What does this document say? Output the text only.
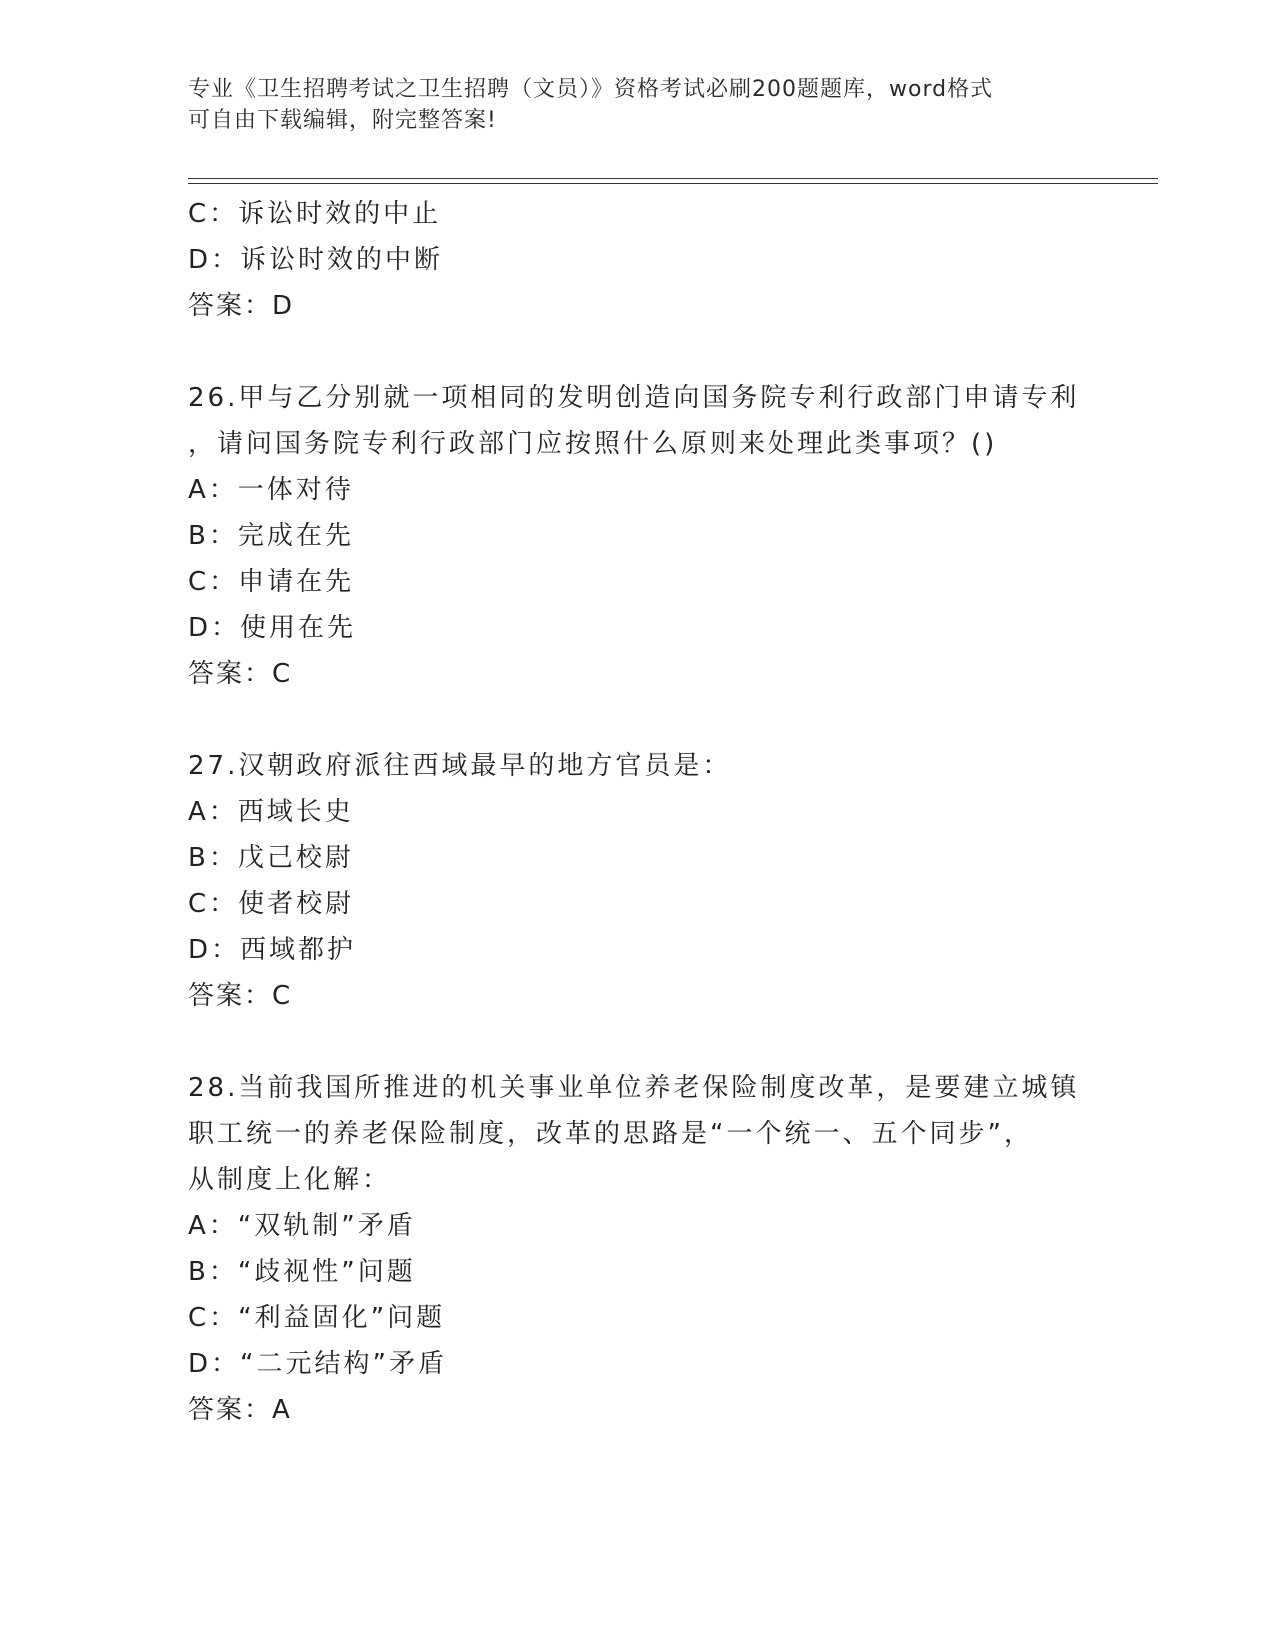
专业《卫生招聘考试之卫生招聘（文员）》资格考试必刷200题题库，word格式
可自由下载编辑，附完整答案!
C：诉讼时效的中止
D：诉讼时效的中断
答案：D
26.甲与乙分别就一项相同的发明创造向国务院专利行政部门申请专利
，请问国务院专利行政部门应按照什么原则来处理此类事项？()
A：一体对待
B：完成在先
C：申请在先
D：使用在先
答案：C
27.汉朝政府派往西域最早的地方官员是：
A：西域长史
B：戊己校尉
C：使者校尉
D：西域都护
答案：C
28.当前我国所推进的机关事业单位养老保险制度改革，是要建立城镇
职工统一的养老保险制度，改革的思路是“一个统一、五个同步”，
从制度上化解：
A：“双轨制”矛盾
B：“歧视性”问题
C：“利益固化”问题
D：“二元结构”矛盾
答案：A
